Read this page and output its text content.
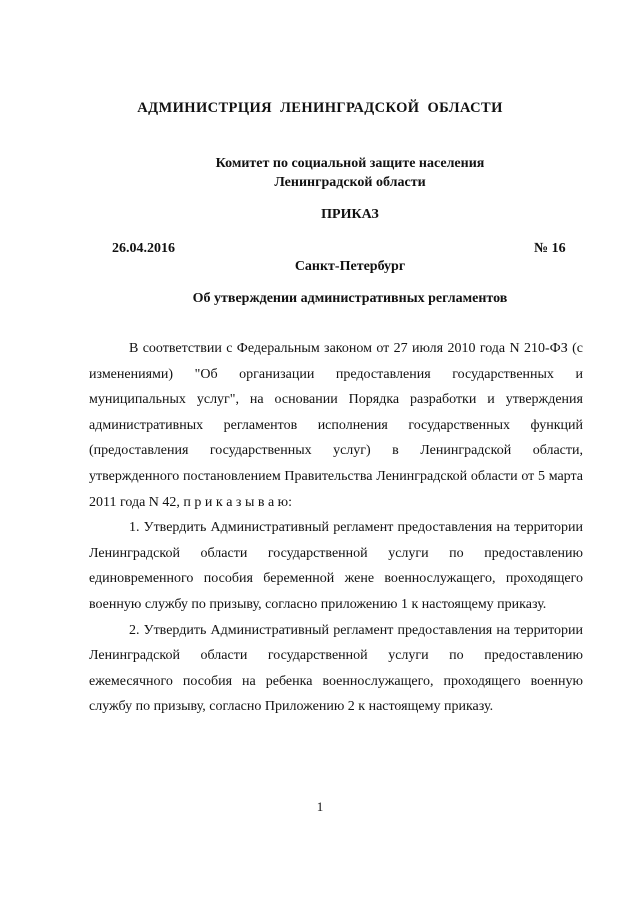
АДМИНИСТРЦИЯ ЛЕНИНГРАДСКОЙ ОБЛАСТИ

Комитет по социальной защите населения
Ленинградской области

ПРИКАЗ

26.04.2016	№ 16

Санкт-Петербург

Об утверждении административных регламентов

В соответствии с Федеральным законом от 27 июля 2010 года N 210-ФЗ (с изменениями) "Об организации предоставления государственных и муниципальных услуг", на основании Порядка разработки и утверждения административных регламентов исполнения государственных функций (предоставления государственных услуг) в Ленинградской области, утвержденного постановлением Правительства Ленинградской области от 5 марта 2011 года N 42, п р и к а з ы в а ю:

1. Утвердить Административный регламент предоставления на территории Ленинградской области государственной услуги по предоставлению единовременного пособия беременной жене военнослужащего, проходящего военную службу по призыву, согласно приложению 1 к настоящему приказу.

2. Утвердить Административный регламент предоставления на территории Ленинградской области государственной услуги по предоставлению ежемесячного пособия на ребенка военнослужащего, проходящего военную службу по призыву, согласно Приложению 2 к настоящему приказу.

1
